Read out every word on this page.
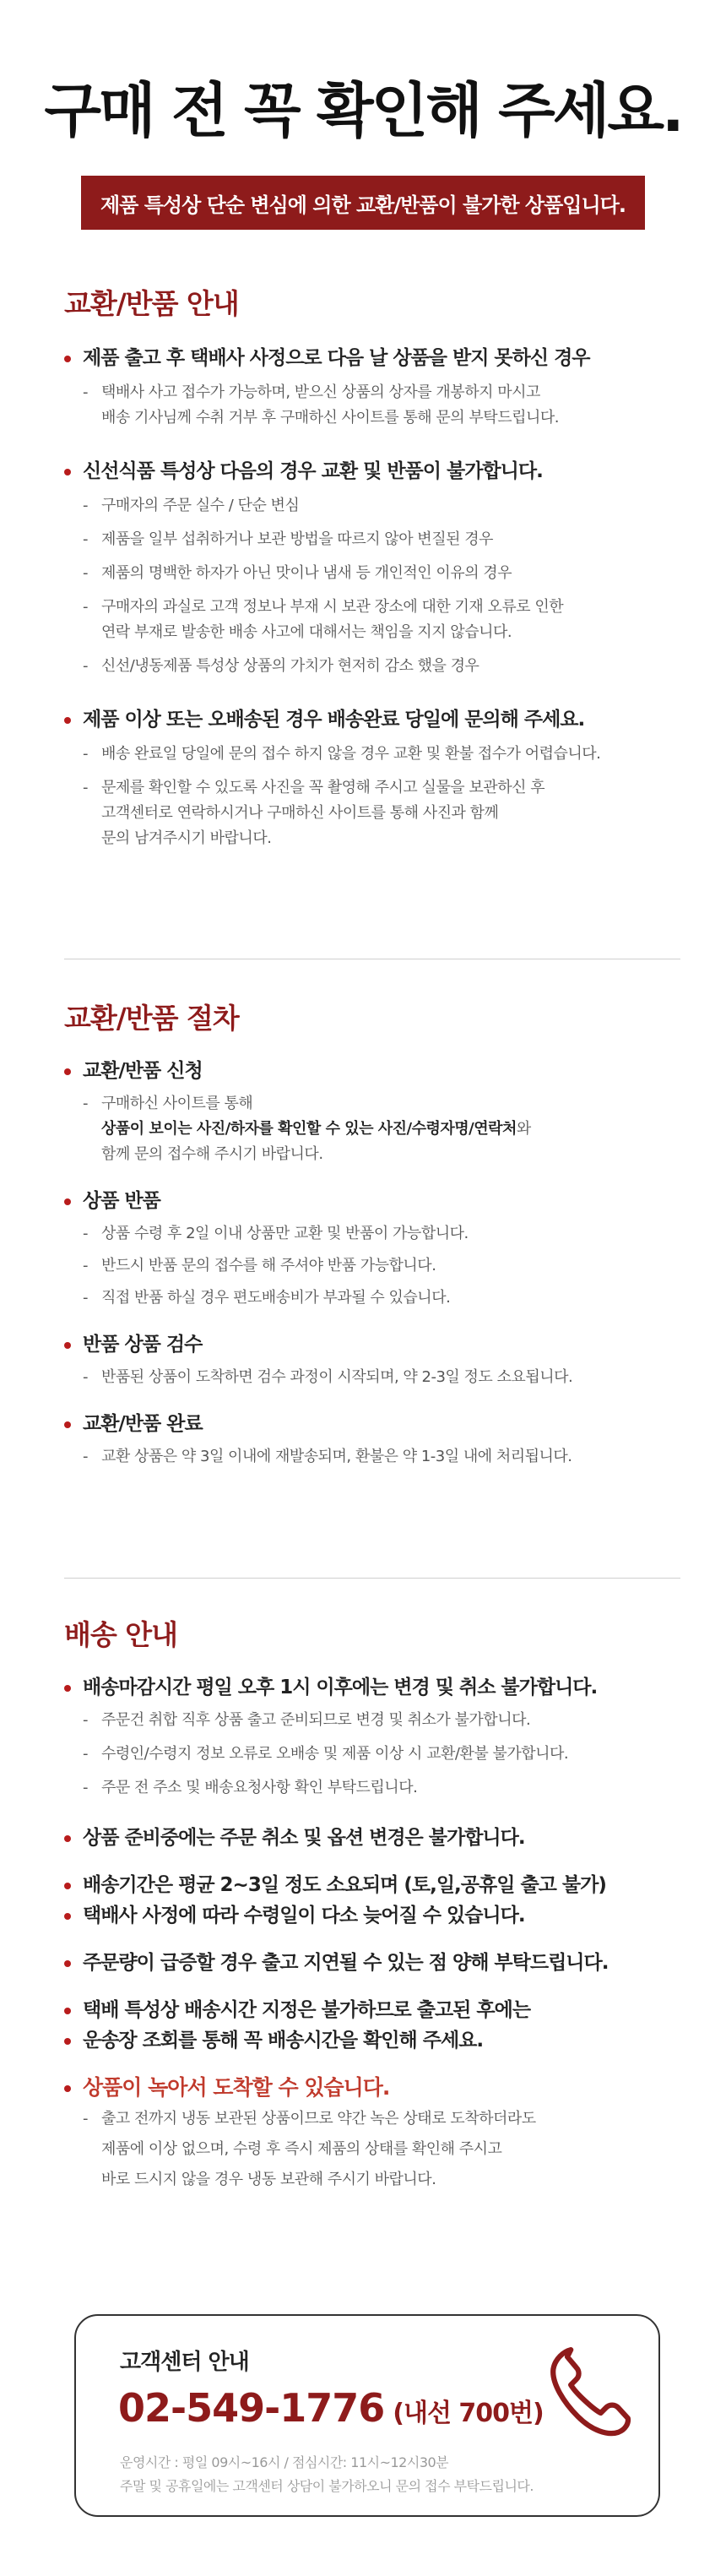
구매 전 꼭 확인해 주세요.
제품 특성상 단순 변심에 의한 교환/반품이 불가한 상품입니다.
교환/반품 안내
제품 출고 후 택배사 사정으로 다음 날 상품을 받지 못하신 경우
- 택배사 사고 접수가 가능하며, 받으신 상품의 상자를 개봉하지 마시고
배송 기사님께 수취 거부 후 구매하신 사이트를 통해 문의 부탁드립니다.
신선식품 특성상 다음의 경우 교환 및 반품이 불가합니다.
- 구매자의 주문 실수 / 단순 변심
- 제품을 일부 섭취하거나 보관 방법을 따르지 않아 변질된 경우
- 제품의 명백한 하자가 아닌 맛이나 냄새 등 개인적인 이유의 경우
- 구매자의 과실로 고객 정보나 부재 시 보관 장소에 대한 기재 오류로 인한
연락 부재로 발송한 배송 사고에 대해서는 책임을 지지 않습니다.
- 신선/냉동제품 특성상 상품의 가치가 현저히 감소 했을 경우
제품 이상 또는 오배송된 경우 배송완료 당일에 문의해 주세요.
- 배송 완료일 당일에 문의 접수 하지 않을 경우 교환 및 환불 접수가 어렵습니다.
- 문제를 확인할 수 있도록 사진을 꼭 촬영해 주시고 실물을 보관하신 후
고객센터로 연락하시거나 구매하신 사이트를 통해 사진과 함께
문의 남겨주시기 바랍니다.
교환/반품 절차
교환/반품 신청
- 구매하신 사이트를 통해
상품이 보이는 사진/하자를 확인할 수 있는 사진/수령자명/연락처와
함께 문의 접수해 주시기 바랍니다.
상품 반품
- 상품 수령 후 2일 이내 상품만 교환 및 반품이 가능합니다.
- 반드시 반품 문의 접수를 해 주셔야 반품 가능합니다.
- 직접 반품 하실 경우 편도배송비가 부과될 수 있습니다.
반품 상품 검수
- 반품된 상품이 도착하면 검수 과정이 시작되며, 약 2-3일 정도 소요됩니다.
교환/반품 완료
- 교환 상품은 약 3일 이내에 재발송되며, 환불은 약 1-3일 내에 처리됩니다.
배송 안내
배송마감시간 평일 오후 1시 이후에는 변경 및 취소 불가합니다.
- 주문건 취합 직후 상품 출고 준비되므로 변경 및 취소가 불가합니다.
- 수령인/수령지 정보 오류로 오배송 및 제품 이상 시 교환/환불 불가합니다.
- 주문 전 주소 및 배송요청사항 확인 부탁드립니다.
상품 준비중에는 주문 취소 및 옵션 변경은 불가합니다.
배송기간은 평균 2~3일 정도 소요되며 (토,일,공휴일 출고 불가)
택배사 사정에 따라 수령일이 다소 늦어질 수 있습니다.
주문량이 급증할 경우 출고 지연될 수 있는 점 양해 부탁드립니다.
택배 특성상 배송시간 지정은 불가하므로 출고된 후에는
운송장 조회를 통해 꼭 배송시간을 확인해 주세요.
상품이 녹아서 도착할 수 있습니다.
- 출고 전까지 냉동 보관된 상품이므로 약간 녹은 상태로 도착하더라도
제품에 이상 없으며, 수령 후 즉시 제품의 상태를 확인해 주시고
바로 드시지 않을 경우 냉동 보관해 주시기 바랍니다.
고객센터 안내
02-549-1776 (내선 700번)
운영시간 : 평일 09시~16시 / 점심시간: 11시~12시30분
주말 및 공휴일에는 고객센터 상담이 불가하오니 문의 접수 부탁드립니다.
